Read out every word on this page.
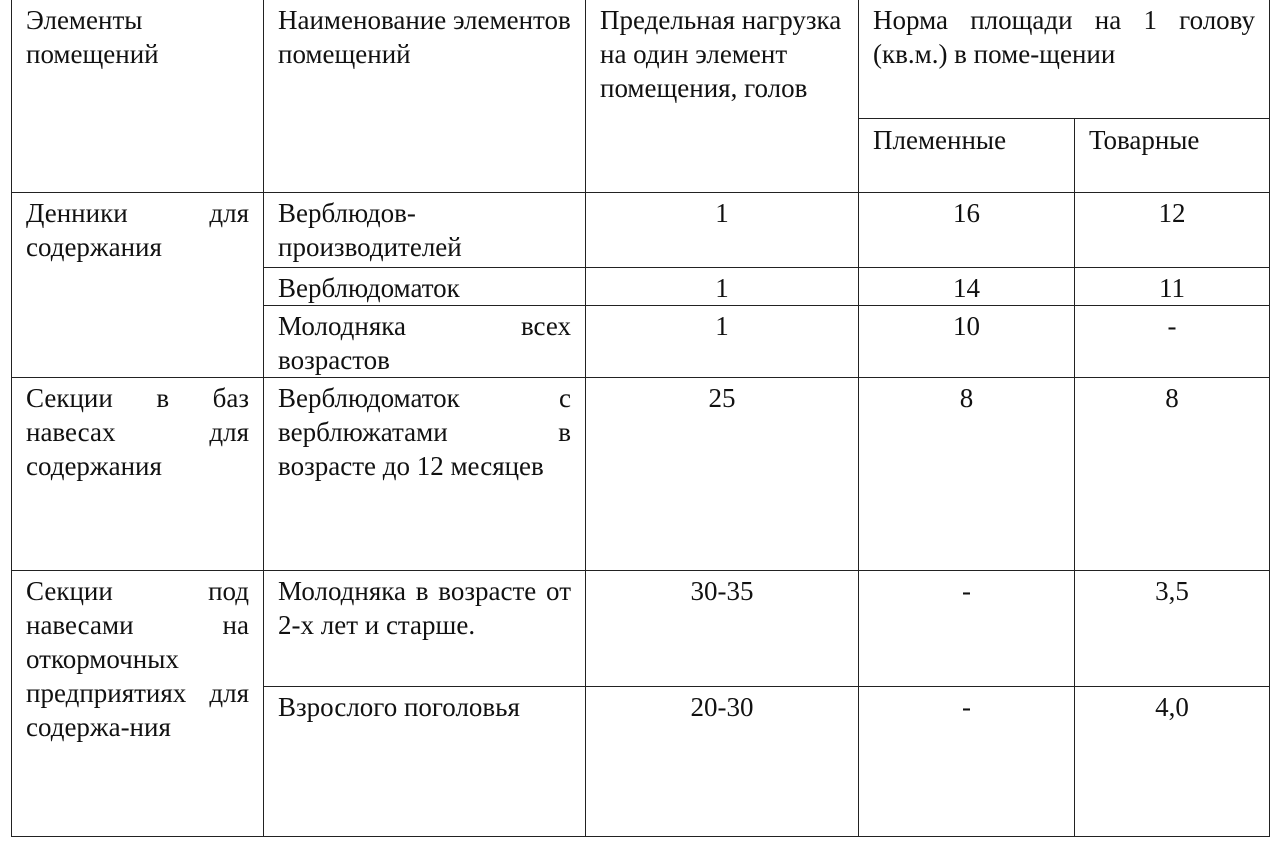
Элементы помещений	Наименование элементов помещений	Предельная нагрузка на один элемент помещения, голов	Норма площади на 1 голову (кв.м.) в поме-щении	
			Племенные	Товарные
Денники для содержания	Верблюдов-производителей	1	16	12
	Верблюдоматок	1	14	11
	Молодняка всех возрастов	1	10	-
Секции в баз навесах для содержания	Верблюдоматок с верблюжатами в возрасте до 12 месяцев	25	8	8
Секции под навесами на откормочных предприятиях для содержа-ния	Молодняка в возрасте от 2-х лет и старше.	30-35	-	3,5
	Взрослого поголовья	20-30	-	4,0
